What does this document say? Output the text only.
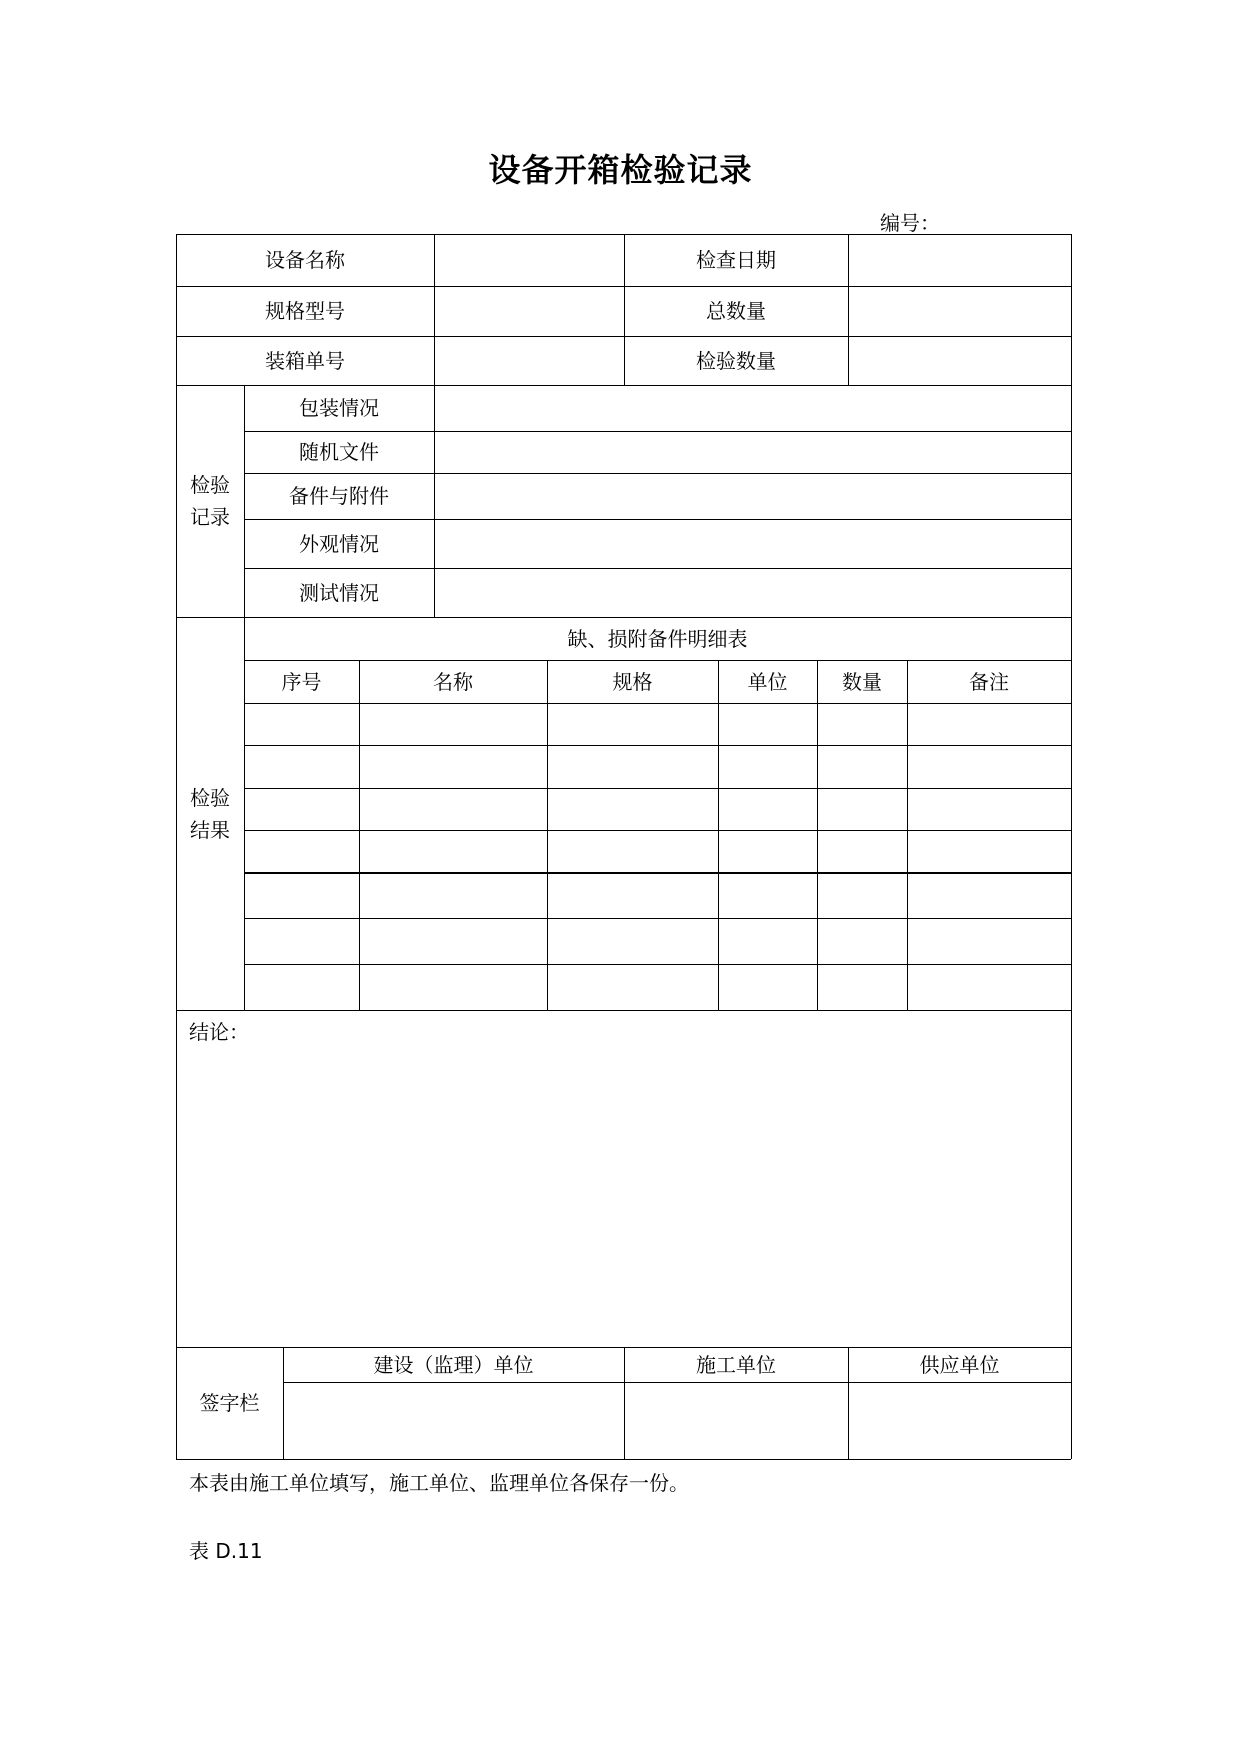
设备开箱检验记录
编号：
设备名称	检查日期
规格型号	总数量
装箱单号	检验数量
检验
记录
包装情况
随机文件
备件与附件
外观情况
测试情况
检验
结果
缺、损附备件明细表
序号	名称	规格	单位	数量	备注
结论：
签字栏
建设（监理）单位	施工单位	供应单位
本表由施工单位填写，施工单位、监理单位各保存一份。
表 D.11
